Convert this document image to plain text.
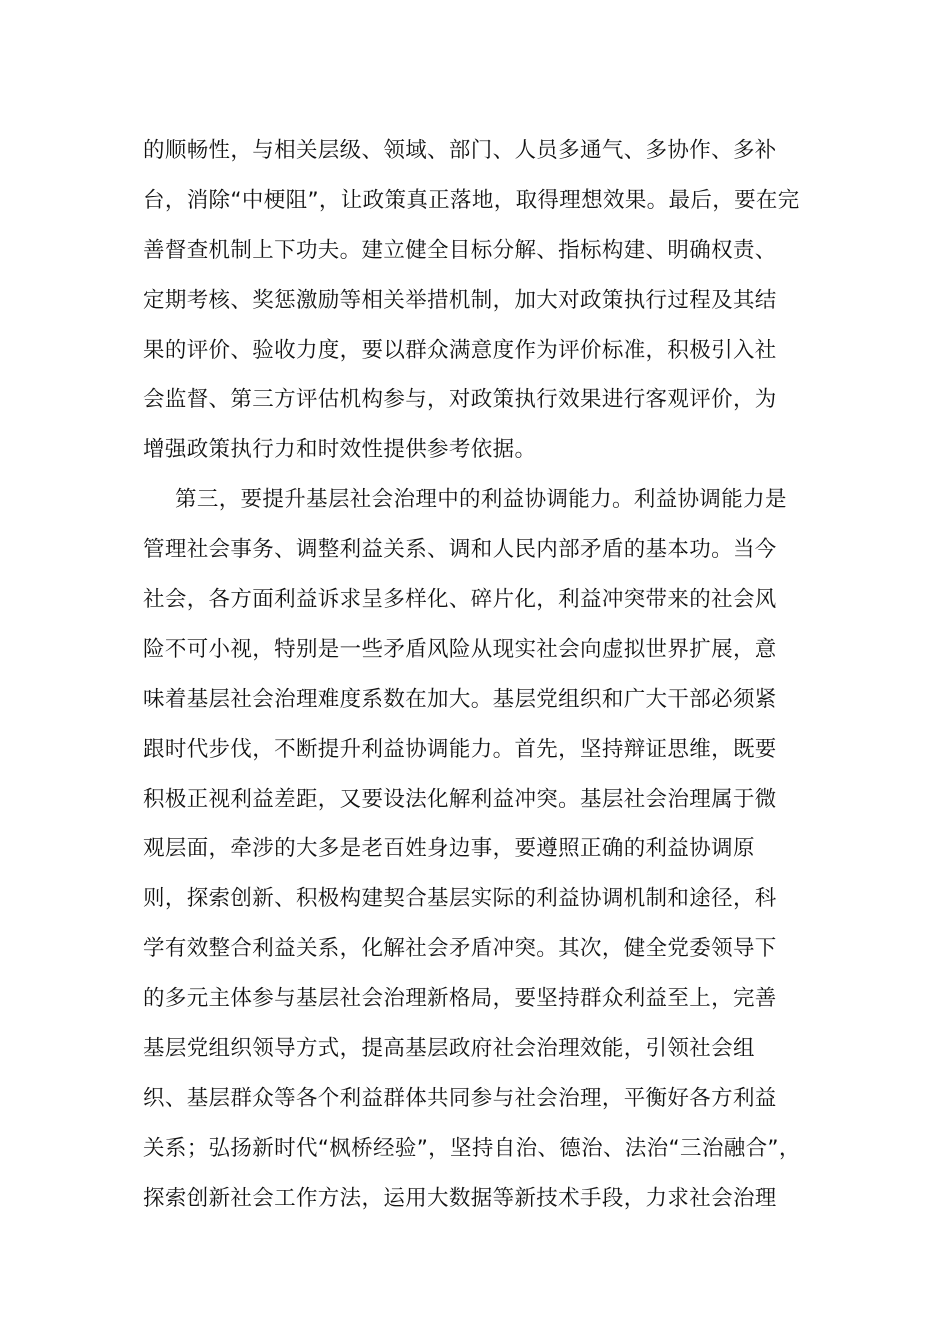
的顺畅性，与相关层级、领域、部门、人员多通气、多协作、多补
台，消除“中梗阻”，让政策真正落地，取得理想效果。最后，要在完
善督查机制上下功夫。建立健全目标分解、指标构建、明确权责、
定期考核、奖惩激励等相关举措机制，加大对政策执行过程及其结
果的评价、验收力度，要以群众满意度作为评价标准，积极引入社
会监督、第三方评估机构参与，对政策执行效果进行客观评价，为
增强政策执行力和时效性提供参考依据。
第三，要提升基层社会治理中的利益协调能力。利益协调能力是
管理社会事务、调整利益关系、调和人民内部矛盾的基本功。当今
社会，各方面利益诉求呈多样化、碎片化，利益冲突带来的社会风
险不可小视，特别是一些矛盾风险从现实社会向虚拟世界扩展，意
味着基层社会治理难度系数在加大。基层党组织和广大干部必须紧
跟时代步伐，不断提升利益协调能力。首先，坚持辩证思维，既要
积极正视利益差距，又要设法化解利益冲突。基层社会治理属于微
观层面，牵涉的大多是老百姓身边事，要遵照正确的利益协调原
则，探索创新、积极构建契合基层实际的利益协调机制和途径，科
学有效整合利益关系，化解社会矛盾冲突。其次，健全党委领导下
的多元主体参与基层社会治理新格局，要坚持群众利益至上，完善
基层党组织领导方式，提高基层政府社会治理效能，引领社会组
织、基层群众等各个利益群体共同参与社会治理，平衡好各方利益
关系；弘扬新时代“枫桥经验”，坚持自治、德治、法治“三治融合”，
探索创新社会工作方法，运用大数据等新技术手段，力求社会治理
